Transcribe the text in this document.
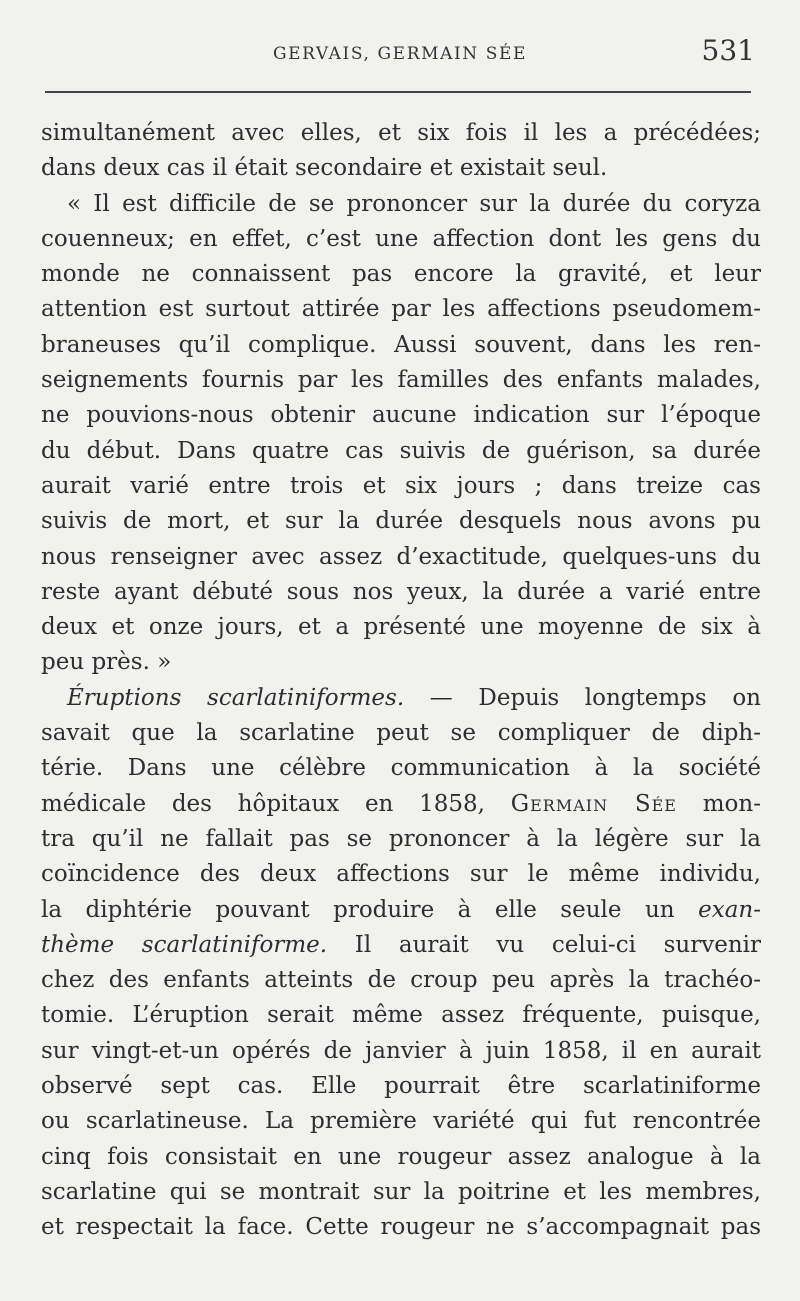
GERVAIS, GERMAIN SÉE	531
simultanément avec elles, et six fois il les a précédées;
dans deux cas il était secondaire et existait seul.
« Il est difficile de se prononcer sur la durée du coryza
couenneux; en effet, c’est une affection dont les gens du
monde ne connaissent pas encore la gravité, et leur
attention est surtout attirée par les affections pseudomem-
braneuses qu’il complique. Aussi souvent, dans les ren-
seignements fournis par les familles des enfants malades,
ne pouvions-nous obtenir aucune indication sur l’époque
du début. Dans quatre cas suivis de guérison, sa durée
aurait varié entre trois et six jours ; dans treize cas
suivis de mort, et sur la durée desquels nous avons pu
nous renseigner avec assez d’exactitude, quelques-uns du
reste ayant débuté sous nos yeux, la durée a varié entre
deux et onze jours, et a présenté une moyenne de six à
peu près. »
Éruptions scarlatiniformes. — Depuis longtemps on
savait que la scarlatine peut se compliquer de diph-
térie. Dans une célèbre communication à la société
médicale des hôpitaux en 1858, Germain Sée mon-
tra qu’il ne fallait pas se prononcer à la légère sur la
coïncidence des deux affections sur le même individu,
la diphtérie pouvant produire à elle seule un exan-
thème scarlatiniforme. Il aurait vu celui-ci survenir
chez des enfants atteints de croup peu après la trachéo-
tomie. L’éruption serait même assez fréquente, puisque,
sur vingt-et-un opérés de janvier à juin 1858, il en aurait
observé sept cas. Elle pourrait être scarlatiniforme
ou scarlatineuse. La première variété qui fut rencontrée
cinq fois consistait en une rougeur assez analogue à la
scarlatine qui se montrait sur la poitrine et les membres,
et respectait la face. Cette rougeur ne s’accompagnait pas
